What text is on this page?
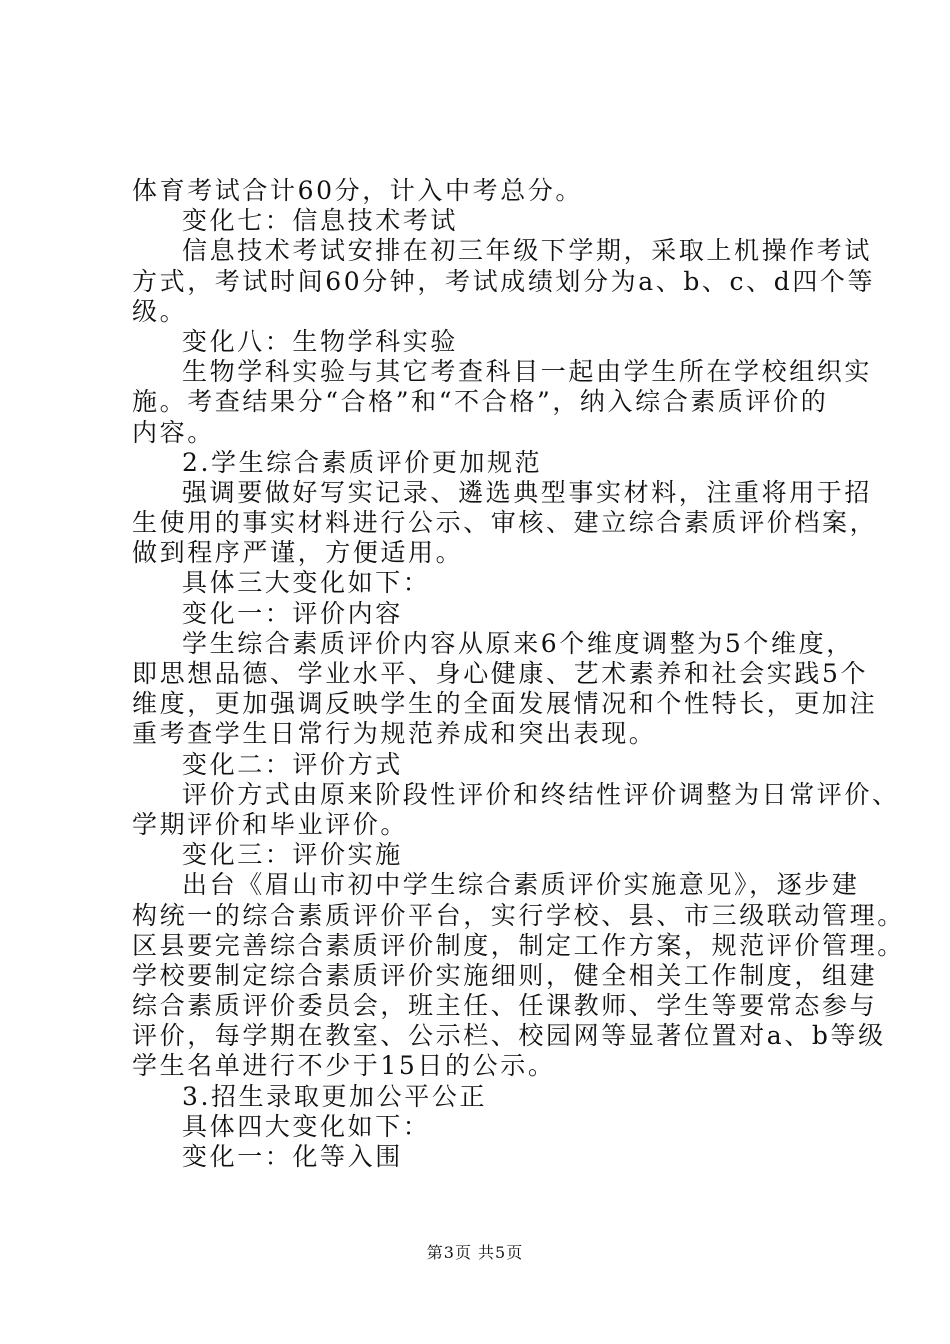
体育考试合计60分，计入中考总分。
变化七：信息技术考试
信息技术考试安排在初三年级下学期，采取上机操作考试
方式，考试时间60分钟，考试成绩划分为a、b、c、d四个等
级。
变化八：生物学科实验
生物学科实验与其它考查科目一起由学生所在学校组织实
施。考查结果分“合格”和“不合格”，纳入综合素质评价的
内容。
2.学生综合素质评价更加规范
强调要做好写实记录、遴选典型事实材料，注重将用于招
生使用的事实材料进行公示、审核、建立综合素质评价档案，
做到程序严谨，方便适用。
具体三大变化如下：
变化一：评价内容
学生综合素质评价内容从原来6个维度调整为5个维度，
即思想品德、学业水平、身心健康、艺术素养和社会实践5个
维度，更加强调反映学生的全面发展情况和个性特长，更加注
重考查学生日常行为规范养成和突出表现。
变化二：评价方式
评价方式由原来阶段性评价和终结性评价调整为日常评价、
学期评价和毕业评价。
变化三：评价实施
出台《眉山市初中学生综合素质评价实施意见》，逐步建
构统一的综合素质评价平台，实行学校、县、市三级联动管理。
区县要完善综合素质评价制度，制定工作方案，规范评价管理。
学校要制定综合素质评价实施细则，健全相关工作制度，组建
综合素质评价委员会，班主任、任课教师、学生等要常态参与
评价，每学期在教室、公示栏、校园网等显著位置对a、b等级
学生名单进行不少于15日的公示。
3.招生录取更加公平公正
具体四大变化如下：
变化一：化等入围
第3页 共5页
